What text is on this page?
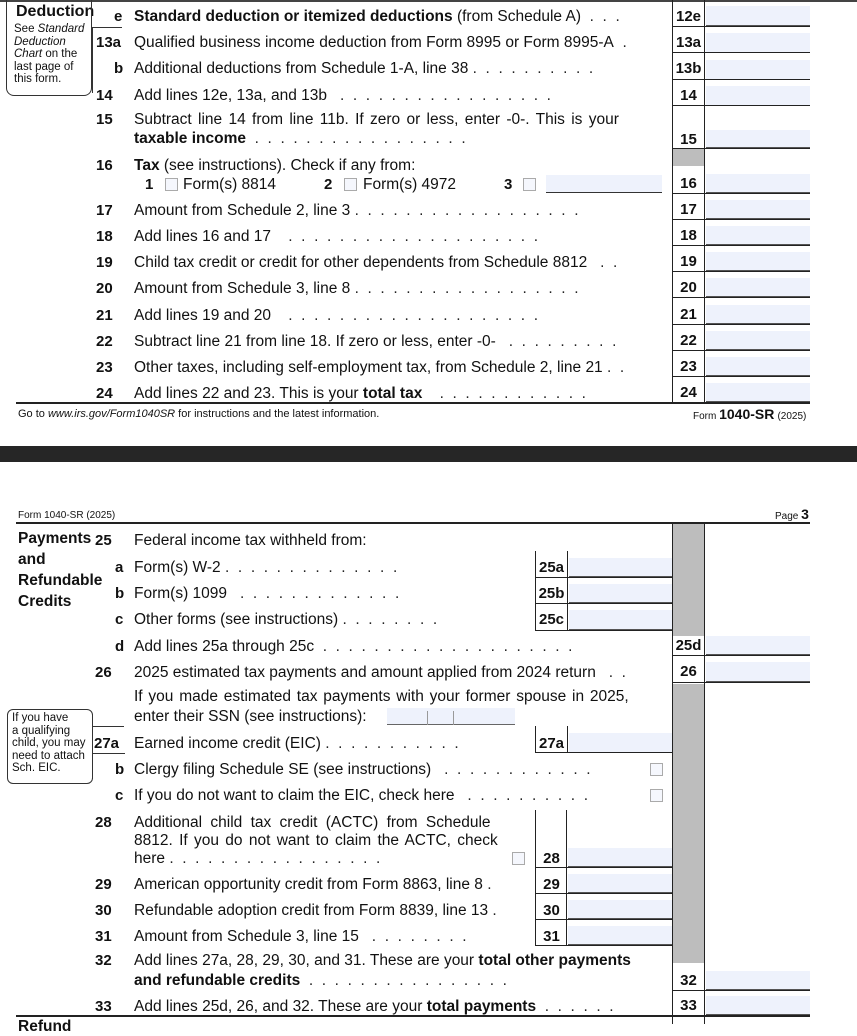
Deduction
See Standard Deduction Chart on the last page of this form.
e Standard deduction or itemized deductions (from Schedule A)  .  .  .	12e
13a Qualified business income deduction from Form 8995 or Form 8995-A  .	13a
b Additional deductions from Schedule 1-A, line 38 .  .  .  .  .  .  .  .  .  .	13b
14 Add lines 12e, 13a, and 13b   .  .  .  .  .  .  .  .  .  .  .  .  .  .  .  .  .	14
15 Subtract line 14 from line 11b. If zero or less, enter -0-. This is your
taxable income  .  .  .  .  .  .  .  .  .  .  .  .  .  .  .  .  .	15
16 Tax (see instructions). Check if any from:
1 Form(s) 8814	2 Form(s) 4972	3	16
17 Amount from Schedule 2, line 3 .  .  .  .  .  .  .  .  .  .  .  .  .  .  .  .  .  .	17
18 Add lines 16 and 17    .  .  .  .  .  .  .  .  .  .  .  .  .  .  .  .  .  .  .  .	18
19 Child tax credit or credit for other dependents from Schedule 8812   .  .	19
20 Amount from Schedule 3, line 8 .  .  .  .  .  .  .  .  .  .  .  .  .  .  .  .  .  .	20
21 Add lines 19 and 20    .  .  .  .  .  .  .  .  .  .  .  .  .  .  .  .  .  .  .  .	21
22 Subtract line 21 from line 18. If zero or less, enter -0-   .  .  .  .  .  .  .  .  .	22
23 Other taxes, including self-employment tax, from Schedule 2, line 21 .  .	23
24 Add lines 22 and 23. This is your total tax    .  .  .  .  .  .  .  .  .  .  .  .	24
Go to www.irs.gov/Form1040SR for instructions and the latest information.	Form 1040-SR (2025)
Form 1040-SR (2025)	Page 3
Payments
and
Refundable
Credits
25 Federal income tax withheld from:
a Form(s) W-2 .  .  .  .  .  .  .  .  .  .  .  .  .  .	25a
b Form(s) 1099   .  .  .  .  .  .  .  .  .  .  .  .  .	25b
c Other forms (see instructions) .  .  .  .  .  .  .  .	25c
d Add lines 25a through 25c  .  .  .  .  .  .  .  .  .  .  .  .  .  .  .  .  .  .  .  .	25d
26 2025 estimated tax payments and amount applied from 2024 return   .  .	26
If you made estimated tax payments with your former spouse in 2025,
enter their SSN (see instructions):
If you have
a qualifying
child, you may
need to attach
Sch. EIC.
27a Earned income credit (EIC) .  .  .  .  .  .  .  .  .  .  .	27a
b Clergy filing Schedule SE (see instructions)   .  .  .  .  .  .  .  .  .  .  .  .
c If you do not want to claim the EIC, check here   .  .  .  .  .  .  .  .  .  .
28 Additional child tax credit (ACTC) from Schedule
8812. If you do not want to claim the ACTC, check
here .  .  .  .  .  .  .  .  .  .  .  .  .  .  .  .  .	28
29 American opportunity credit from Form 8863, line 8 .	29
30 Refundable adoption credit from Form 8839, line 13 .	30
31 Amount from Schedule 3, line 15   .  .  .  .  .  .  .  .	31
32 Add lines 27a, 28, 29, 30, and 31. These are your total other payments
and refundable credits  .  .  .  .  .  .  .  .  .  .  .  .  .  .  .  .	32
33 Add lines 25d, 26, and 32. These are your total payments  .  .  .  .  .  .	33
Refund
